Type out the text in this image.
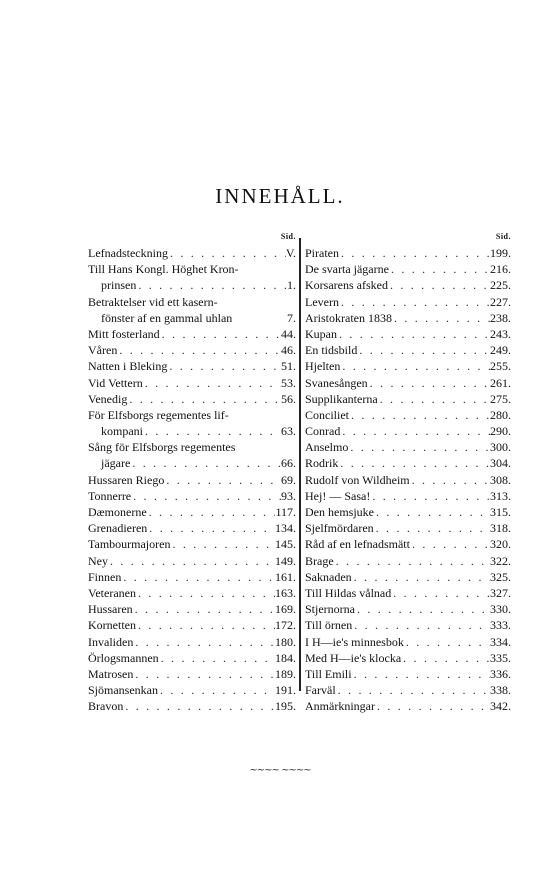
INNEHÅLL.
Sid.
Lefnadsteckning . . .	V.
Till Hans Kongl. Höghet Kron-
prinsen . . .	1.
Betraktelser vid ett kasern-
fönster af en gammal uhlan	7.
Mitt fosterland . . .	44.
Våren . . .	46.
Natten i Bleking . . .	51.
Vid Vettern . . .	53.
Venedig . . .	56.
För Elfsborgs regementes lif-
kompani . . .	63.
Sång för Elfsborgs regementes
jägare . . .	66.
Hussaren Riego . . .	69.
Tonnerre . . .	93.
Dæmonerne . . .	117.
Grenadieren . . .	134.
Tambourmajoren . . .	145.
Ney . . .	149.
Finnen . . .	161.
Veteranen . . .	163.
Hussaren . . .	169.
Kornetten . . .	172.
Invaliden . . .	180.
Örlogsmannen . . .	184.
Matrosen . . .	189.
Sjömansenkan . . .	191.
Bravon . . .	195.
Sid.
Piraten . . .	199.
De svarta jägarne . . .	216.
Korsarens afsked . . .	225.
Levern . . .	227.
Aristokraten 1838 . . .	238.
Kupan . . .	243.
En tidsbild . . .	249.
Hjelten . . .	255.
Svanesången . . .	261.
Supplikanterna . . .	275.
Conciliet . . .	280.
Conrad . . .	290.
Anselmo . . .	300.
Rodrik . . .	304.
Rudolf von Wildheim . . .	308.
Hej! — Sasa! . . .	313.
Den hemsjuke . . .	315.
Sjelfmördaren . . .	318.
Råd af en lefnadsmätt . . .	320.
Brage . . .	322.
Saknaden . . .	325.
Till Hildas vålnad . . .	327.
Stjernorna . . .	330.
Till örnen . . .	333.
I H—ie's minnesbok . . .	334.
Med H—ie's klocka . . .	335.
Till Emili . . .	336.
Farväl . . .	338.
Anmärkningar . . .	342.
~~~~ ~~~~
